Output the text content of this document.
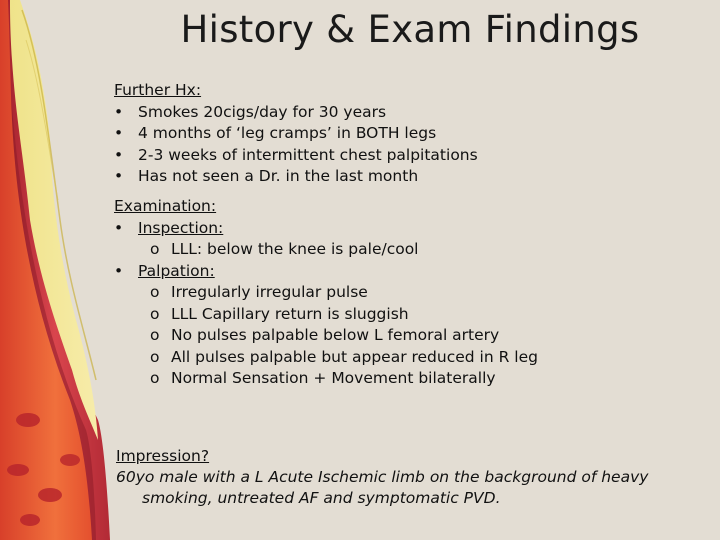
History & Exam Findings
Further Hx:
• Smokes 20cigs/day for 30 years
• 4 months of ‘leg cramps’ in BOTH legs
• 2-3 weeks of intermittent chest palpitations
• Has not seen a Dr. in the last month
Examination:
• Inspection:
o LLL: below the knee is pale/cool
• Palpation:
o Irregularly irregular pulse
o LLL Capillary return is sluggish
o No pulses palpable below L femoral artery
o All pulses palpable but appear reduced in R leg
o Normal Sensation + Movement bilaterally
Impression?
60yo male with a L Acute Ischemic limb on the background of heavy
smoking, untreated AF and symptomatic PVD.
